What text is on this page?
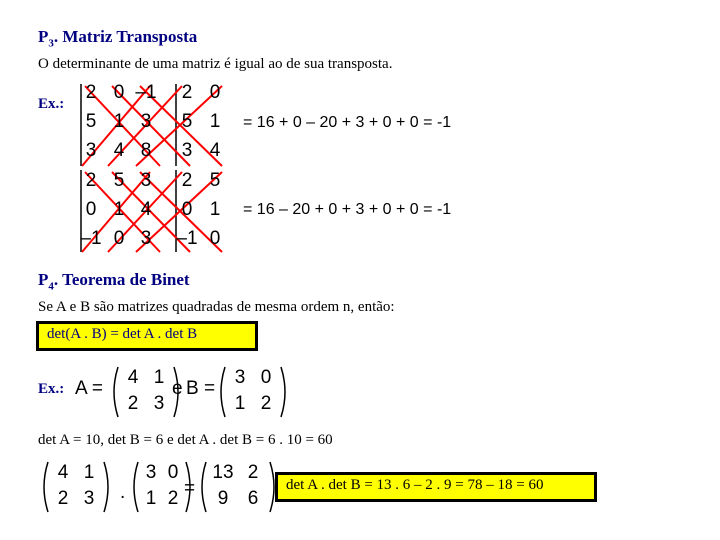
$P_3$. Matriz Transposta
O determinante de uma matriz é igual ao de sua transposta.
Ex.:
2 0 –1	2 0
5 1 3	5 1
3 4 8	3 4
2 5 3	2 5
0 1 4	0 1
–1 0 3	–1 0
= 16 + 0 – 20 + 3 + 0 + 0 = -1
= 16 – 20 + 0 + 3 + 0 + 0 = -1
$P_4$. Teorema de Binet
Se A e B são matrizes quadradas de mesma ordem n, então:
det(A . B) = det A . det B
Ex.: A =	e B =
4 1
2 3
3 0
1 2
det A = 10, det B = 6 e det A . det B = 6 . 10 = 60
4 1
2 3	.
3 0
1 2 =
13 2
9	6
det A . det B = 13 . 6 – 2 . 9 = 78 – 18 = 60
